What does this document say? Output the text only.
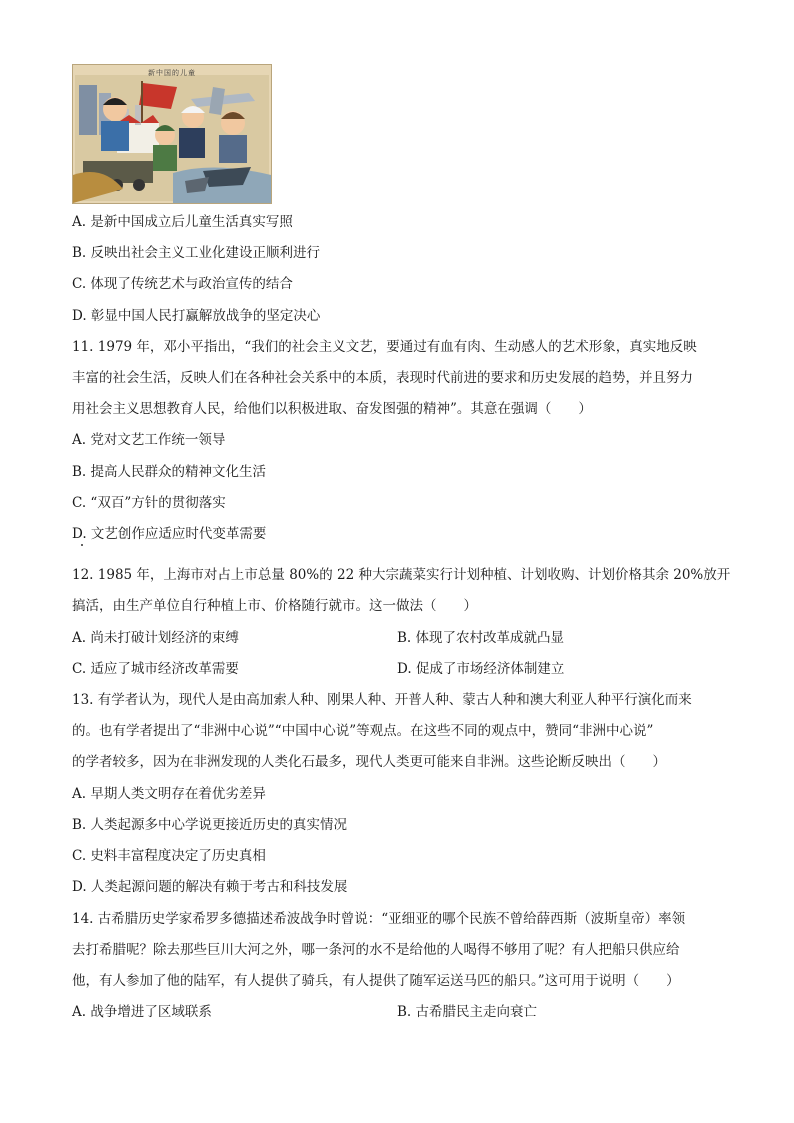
新中国的儿童
A. 是新中国成立后儿童生活真实写照
B. 反映出社会主义工业化建设正顺利进行
C. 体现了传统艺术与政治宣传的结合
D. 彰显中国人民打赢解放战争的坚定决心
11. 1979 年，邓小平指出，“我们的社会主义文艺，要通过有血有肉、生动感人的艺术形象，真实地反映
丰富的社会生活，反映人们在各种社会关系中的本质，表现时代前进的要求和历史发展的趋势，并且努力
用社会主义思想教育人民，给他们以积极进取、奋发图强的精神”。其意在强调（　　）
A. 党对文艺工作统一领导
B. 提高人民群众的精神文化生活
C. “双百”方针的贯彻落实
D. 文艺创作应适应时代变革需要
12. 1985 年，上海市对占上市总量 80%的 22 种大宗蔬菜实行计划种植、计划收购、计划价格其余 20%放开
搞活，由生产单位自行种植上市、价格随行就市。这一做法（　　）
A. 尚未打破计划经济的束缚	B. 体现了农村改革成就凸显
C. 适应了城市经济改革需要	D. 促成了市场经济体制建立
13. 有学者认为，现代人是由高加索人种、刚果人种、开普人种、蒙古人种和澳大利亚人种平行演化而来
的。也有学者提出了“非洲中心说”“中国中心说”等观点。在这些不同的观点中，赞同“非洲中心说”
的学者较多，因为在非洲发现的人类化石最多，现代人类更可能来自非洲。这些论断反映出（　　）
A. 早期人类文明存在着优劣差异
B. 人类起源多中心学说更接近历史的真实情况
C. 史料丰富程度决定了历史真相
D. 人类起源问题的解决有赖于考古和科技发展
14. 古希腊历史学家希罗多德描述希波战争时曾说：“亚细亚的哪个民族不曾给薛西斯（波斯皇帝）率领
去打希腊呢？除去那些巨川大河之外，哪一条河的水不是给他的人喝得不够用了呢？有人把船只供应给
他，有人参加了他的陆军，有人提供了骑兵，有人提供了随军运送马匹的船只。”这可用于说明（　　）
A. 战争增进了区域联系	B. 古希腊民主走向衰亡
